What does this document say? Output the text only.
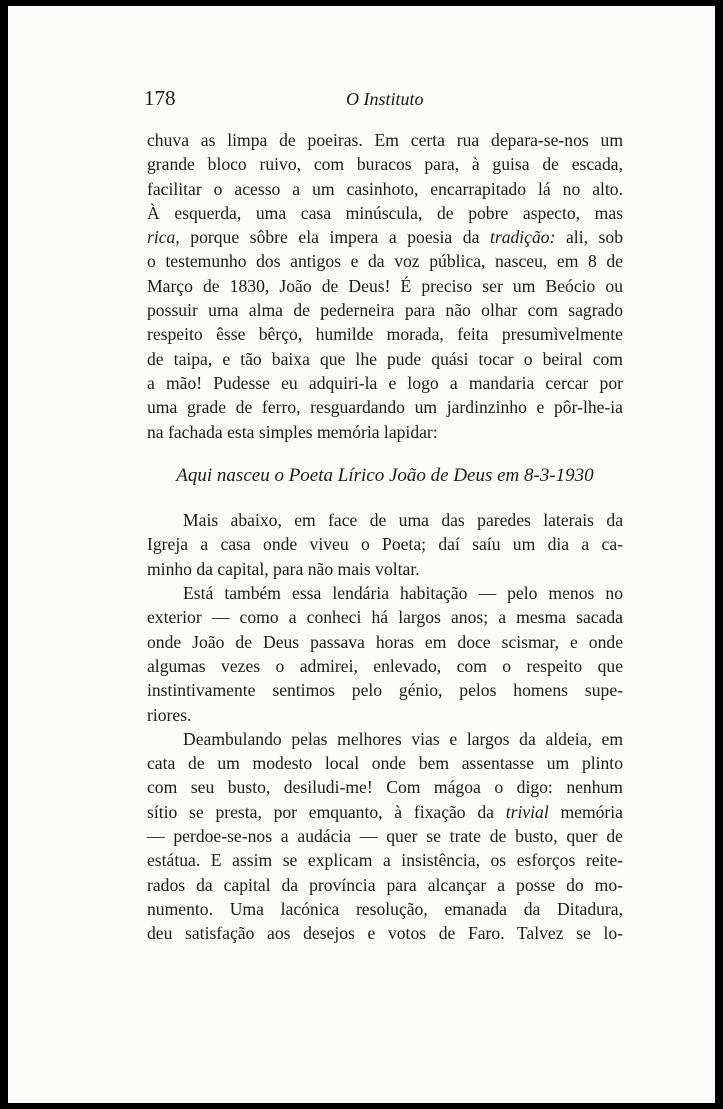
178	O Instituto
chuva as limpa de poeiras. Em certa rua depara-se-nos um
grande bloco ruivo, com buracos para, à guisa de escada,
facilitar o acesso a um casinhoto, encarrapitado lá no alto.
À esquerda, uma casa minúscula, de pobre aspecto, mas
rica, porque sôbre ela impera a poesia da tradição: ali, sob
o testemunho dos antigos e da voz pública, nasceu, em 8 de
Março de 1830, João de Deus! É preciso ser um Beócio ou
possuir uma alma de pederneira para não olhar com sagrado
respeito êsse bêrço, humilde morada, feita presumìvelmente
de taipa, e tão baixa que lhe pude quási tocar o beiral com
a mão! Pudesse eu adquiri-la e logo a mandaria cercar por
uma grade de ferro, resguardando um jardinzinho e pôr-lhe-ia
na fachada esta simples memória lapidar:
Aqui nasceu o Poeta Lírico João de Deus em 8-3-1930
Mais abaixo, em face de uma das paredes laterais da
Igreja a casa onde viveu o Poeta; daí saíu um dia a ca-
minho da capital, para não mais voltar.
Está também essa lendária habitação — pelo menos no
exterior — como a conheci há largos anos; a mesma sacada
onde João de Deus passava horas em doce scismar, e onde
algumas vezes o admirei, enlevado, com o respeito que
instintivamente sentimos pelo génio, pelos homens supe-
riores.
Deambulando pelas melhores vias e largos da aldeia, em
cata de um modesto local onde bem assentasse um plinto
com seu busto, desiludi-me! Com mágoa o digo: nenhum
sítio se presta, por emquanto, à fixação da trivial memória
— perdoe-se-nos a audácia — quer se trate de busto, quer de
estátua. E assim se explicam a insistência, os esforços reite-
rados da capital da província para alcançar a posse do mo-
numento. Uma lacónica resolução, emanada da Ditadura,
deu satisfação aos desejos e votos de Faro. Talvez se lo-
